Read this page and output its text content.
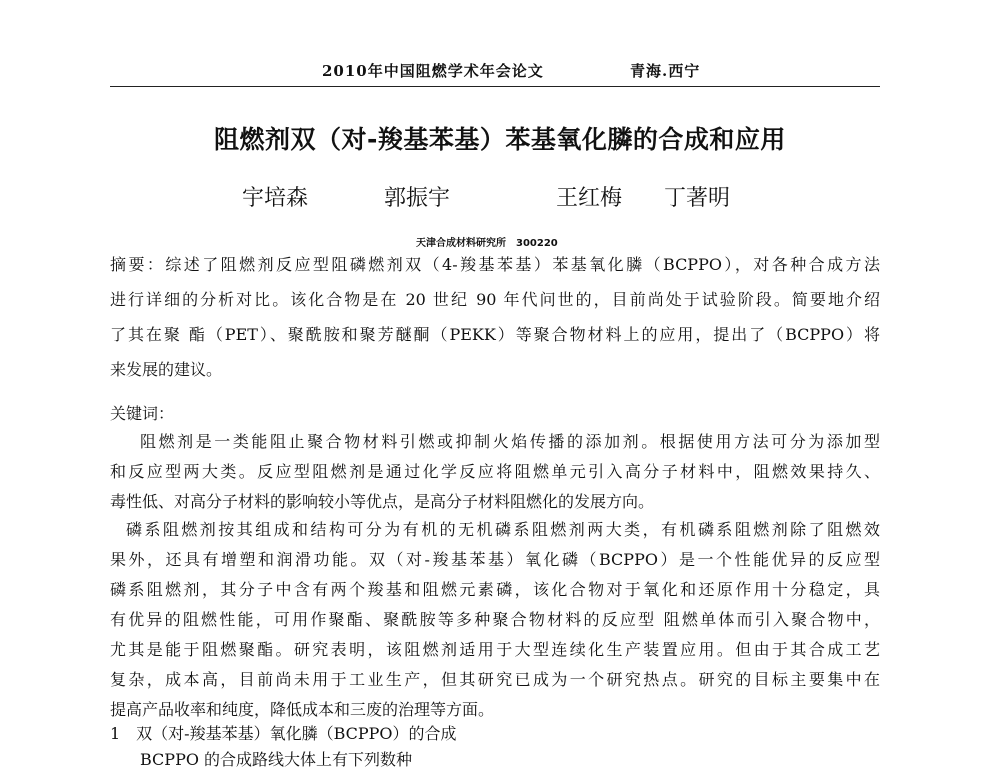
2010年中国阻燃学术年会论文	青海.西宁
阻燃剂双（对-羧基苯基）苯基氧化膦的合成和应用
宇培森	郭振宇	王红梅 丁著明
天津合成材料研究所　300220
摘要：综述了阻燃剂反应型阻磷燃剂双（4-羧基苯基）苯基氧化膦（BCPPO），对各种合成方法
进行详细的分析对比。该化合物是在 20 世纪 90 年代问世的，目前尚处于试验阶段。简要地介绍
了其在聚 酯（PET）、聚酰胺和聚芳醚酮（PEKK）等聚合物材料上的应用，提出了（BCPPO）将
来发展的建议。
关键词：
阻燃剂是一类能阻止聚合物材料引燃或抑制火焰传播的添加剂。根据使用方法可分为添加型
和反应型两大类。反应型阻燃剂是通过化学反应将阻燃单元引入高分子材料中，阻燃效果持久、
毒性低、对高分子材料的影响较小等优点，是高分子材料阻燃化的发展方向。
磷系阻燃剂按其组成和结构可分为有机的无机磷系阻燃剂两大类，有机磷系阻燃剂除了阻燃效
果外，还具有增塑和润滑功能。双（对-羧基苯基）氧化磷（BCPPO）是一个性能优异的反应型
磷系阻燃剂，其分子中含有两个羧基和阻燃元素磷，该化合物对于氧化和还原作用十分稳定，具
有优异的阻燃性能，可用作聚酯、聚酰胺等多种聚合物材料的反应型 阻燃单体而引入聚合物中，
尤其是能于阻燃聚酯。研究表明，该阻燃剂适用于大型连续化生产装置应用。但由于其合成工艺
复杂，成本高，目前尚未用于工业生产，但其研究已成为一个研究热点。研究的目标主要集中在
提高产品收率和纯度，降低成本和三废的治理等方面。
1　双（对-羧基苯基）氧化膦（BCPPO）的合成
BCPPO 的合成路线大体上有下列数种
